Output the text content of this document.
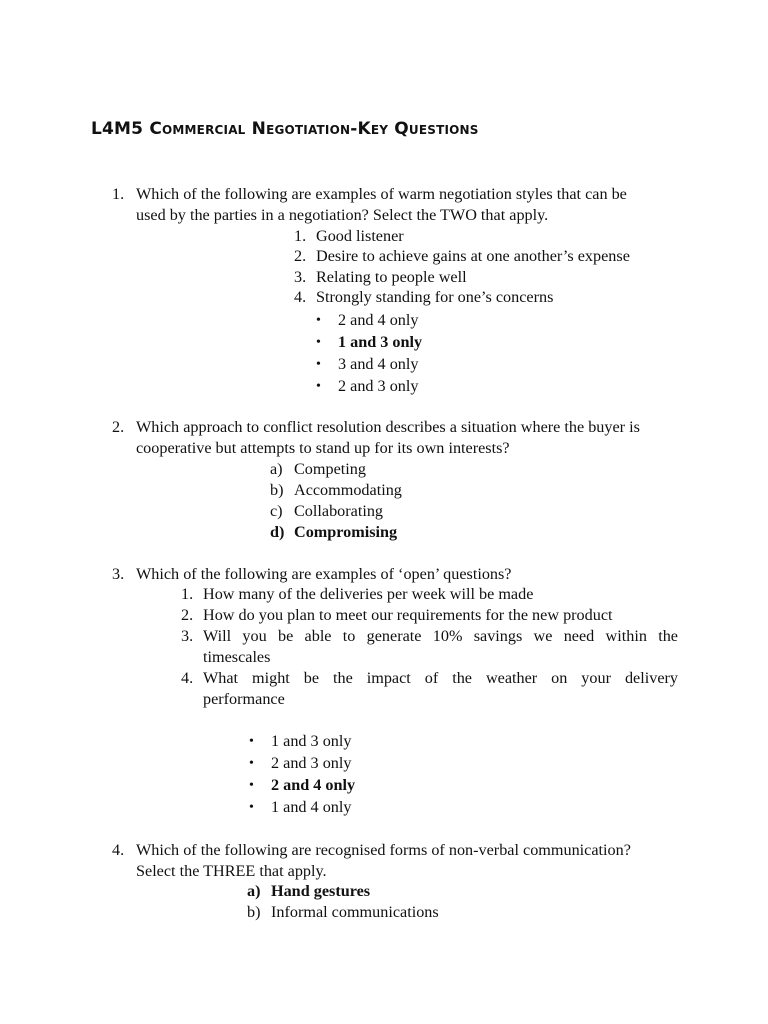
L4M5 Commercial Negotiation-Key Questions
1. Which of the following are examples of warm negotiation styles that can be
used by the parties in a negotiation? Select the TWO that apply.
1. Good listener
2. Desire to achieve gains at one another’s expense
3. Relating to people well
4. Strongly standing for one’s concerns
• 2 and 4 only
• 1 and 3 only
• 3 and 4 only
• 2 and 3 only
2. Which approach to conflict resolution describes a situation where the buyer is
cooperative but attempts to stand up for its own interests?
a) Competing
b) Accommodating
c) Collaborating
d) Compromising
3. Which of the following are examples of ‘open’ questions?
1. How many of the deliveries per week will be made
2. How do you plan to meet our requirements for the new product
3. Will you be able to generate 10% savings we need within the
timescales
4. What might be the impact of the weather on your delivery
performance
• 1 and 3 only
• 2 and 3 only
• 2 and 4 only
• 1 and 4 only
4. Which of the following are recognised forms of non-verbal communication?
Select the THREE that apply.
a) Hand gestures
b) Informal communications
